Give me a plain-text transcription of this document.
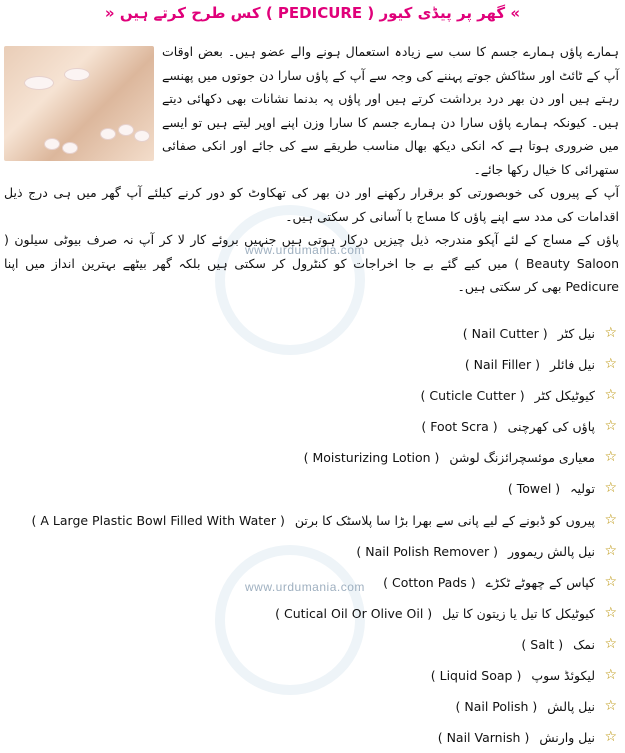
www.urdumania.com
www.urdumania.com
» گھر پر پیڈی کیور ( PEDICURE ) کس طرح کرتے ہیں «
ہمارے پاؤں ہمارے جسم کا سب سے زیادہ استعمال ہونے والے عضو ہیں۔ بعض اوقات آپ کے ٹائٹ اور سٹاکش جوتے پہننے کی وجہ سے آپ کے پاؤں سارا دن جوتوں میں پھنسے رہتے ہیں اور دن بھر درد برداشت کرتے ہیں اور پاؤں پہ بدنما نشانات بھی دکھائی دیتے ہیں۔ کیونکہ ہمارے پاؤں سارا دن ہمارے جسم کا سارا وزن اپنے اوپر لیتے ہیں تو ایسے میں ضروری ہوتا ہے کہ انکی دیکھ بھال مناسب طریقے سے کی جائے اور انکی صفائی ستھرائی کا خیال رکھا جائے۔
آپ کے پیروں کی خوبصورتی کو برقرار رکھنے اور دن بھر کی تھکاوٹ کو دور کرنے کیلئے آپ گھر میں ہی درج ذیل اقدامات کی مدد سے اپنے پاؤں کا مساج با آسانی کر سکتی ہیں۔
پاؤں کے مساج کے لئے آپکو مندرجہ ذیل چیزیں درکار ہوتی ہیں جنہیں بروئے کار لا کر آپ نہ صرف بیوٹی سیلون ( Beauty Saloon ) میں کیے گئے بے جا اخراجات کو کنٹرول کر سکتی ہیں بلکہ گھر بیٹھے بہترین انداز میں اپنا Pedicure بھی کر سکتی ہیں۔
☆
نیل کٹر
( Nail Cutter )
☆
نیل فائلر
( Nail Filler )
☆
کیوٹیکل کٹر
( Cuticle Cutter )
☆
پاؤں کی کھرچنی
( Foot Scra )
☆
معیاری موئسچرائزنگ لوشن
( Moisturizing Lotion )
☆
تولیہ
( Towel )
☆
پیروں کو ڈبونے کے لیے پانی سے بھرا بڑا سا پلاسٹک کا برتن
( A Large Plastic Bowl Filled With Water )
☆
نیل پالش ریموور
( Nail Polish Remover )
☆
کپاس کے چھوٹے ٹکڑے
( Cotton Pads )
☆
کیوٹیکل کا تیل یا زیتون کا تیل
( Cutical Oil Or Olive Oil )
☆
نمک
( Salt )
☆
لیکوئڈ سوپ
( Liquid Soap )
☆
نیل پالش
( Nail Polish )
☆
نیل وارنش
( Nail Varnish )
